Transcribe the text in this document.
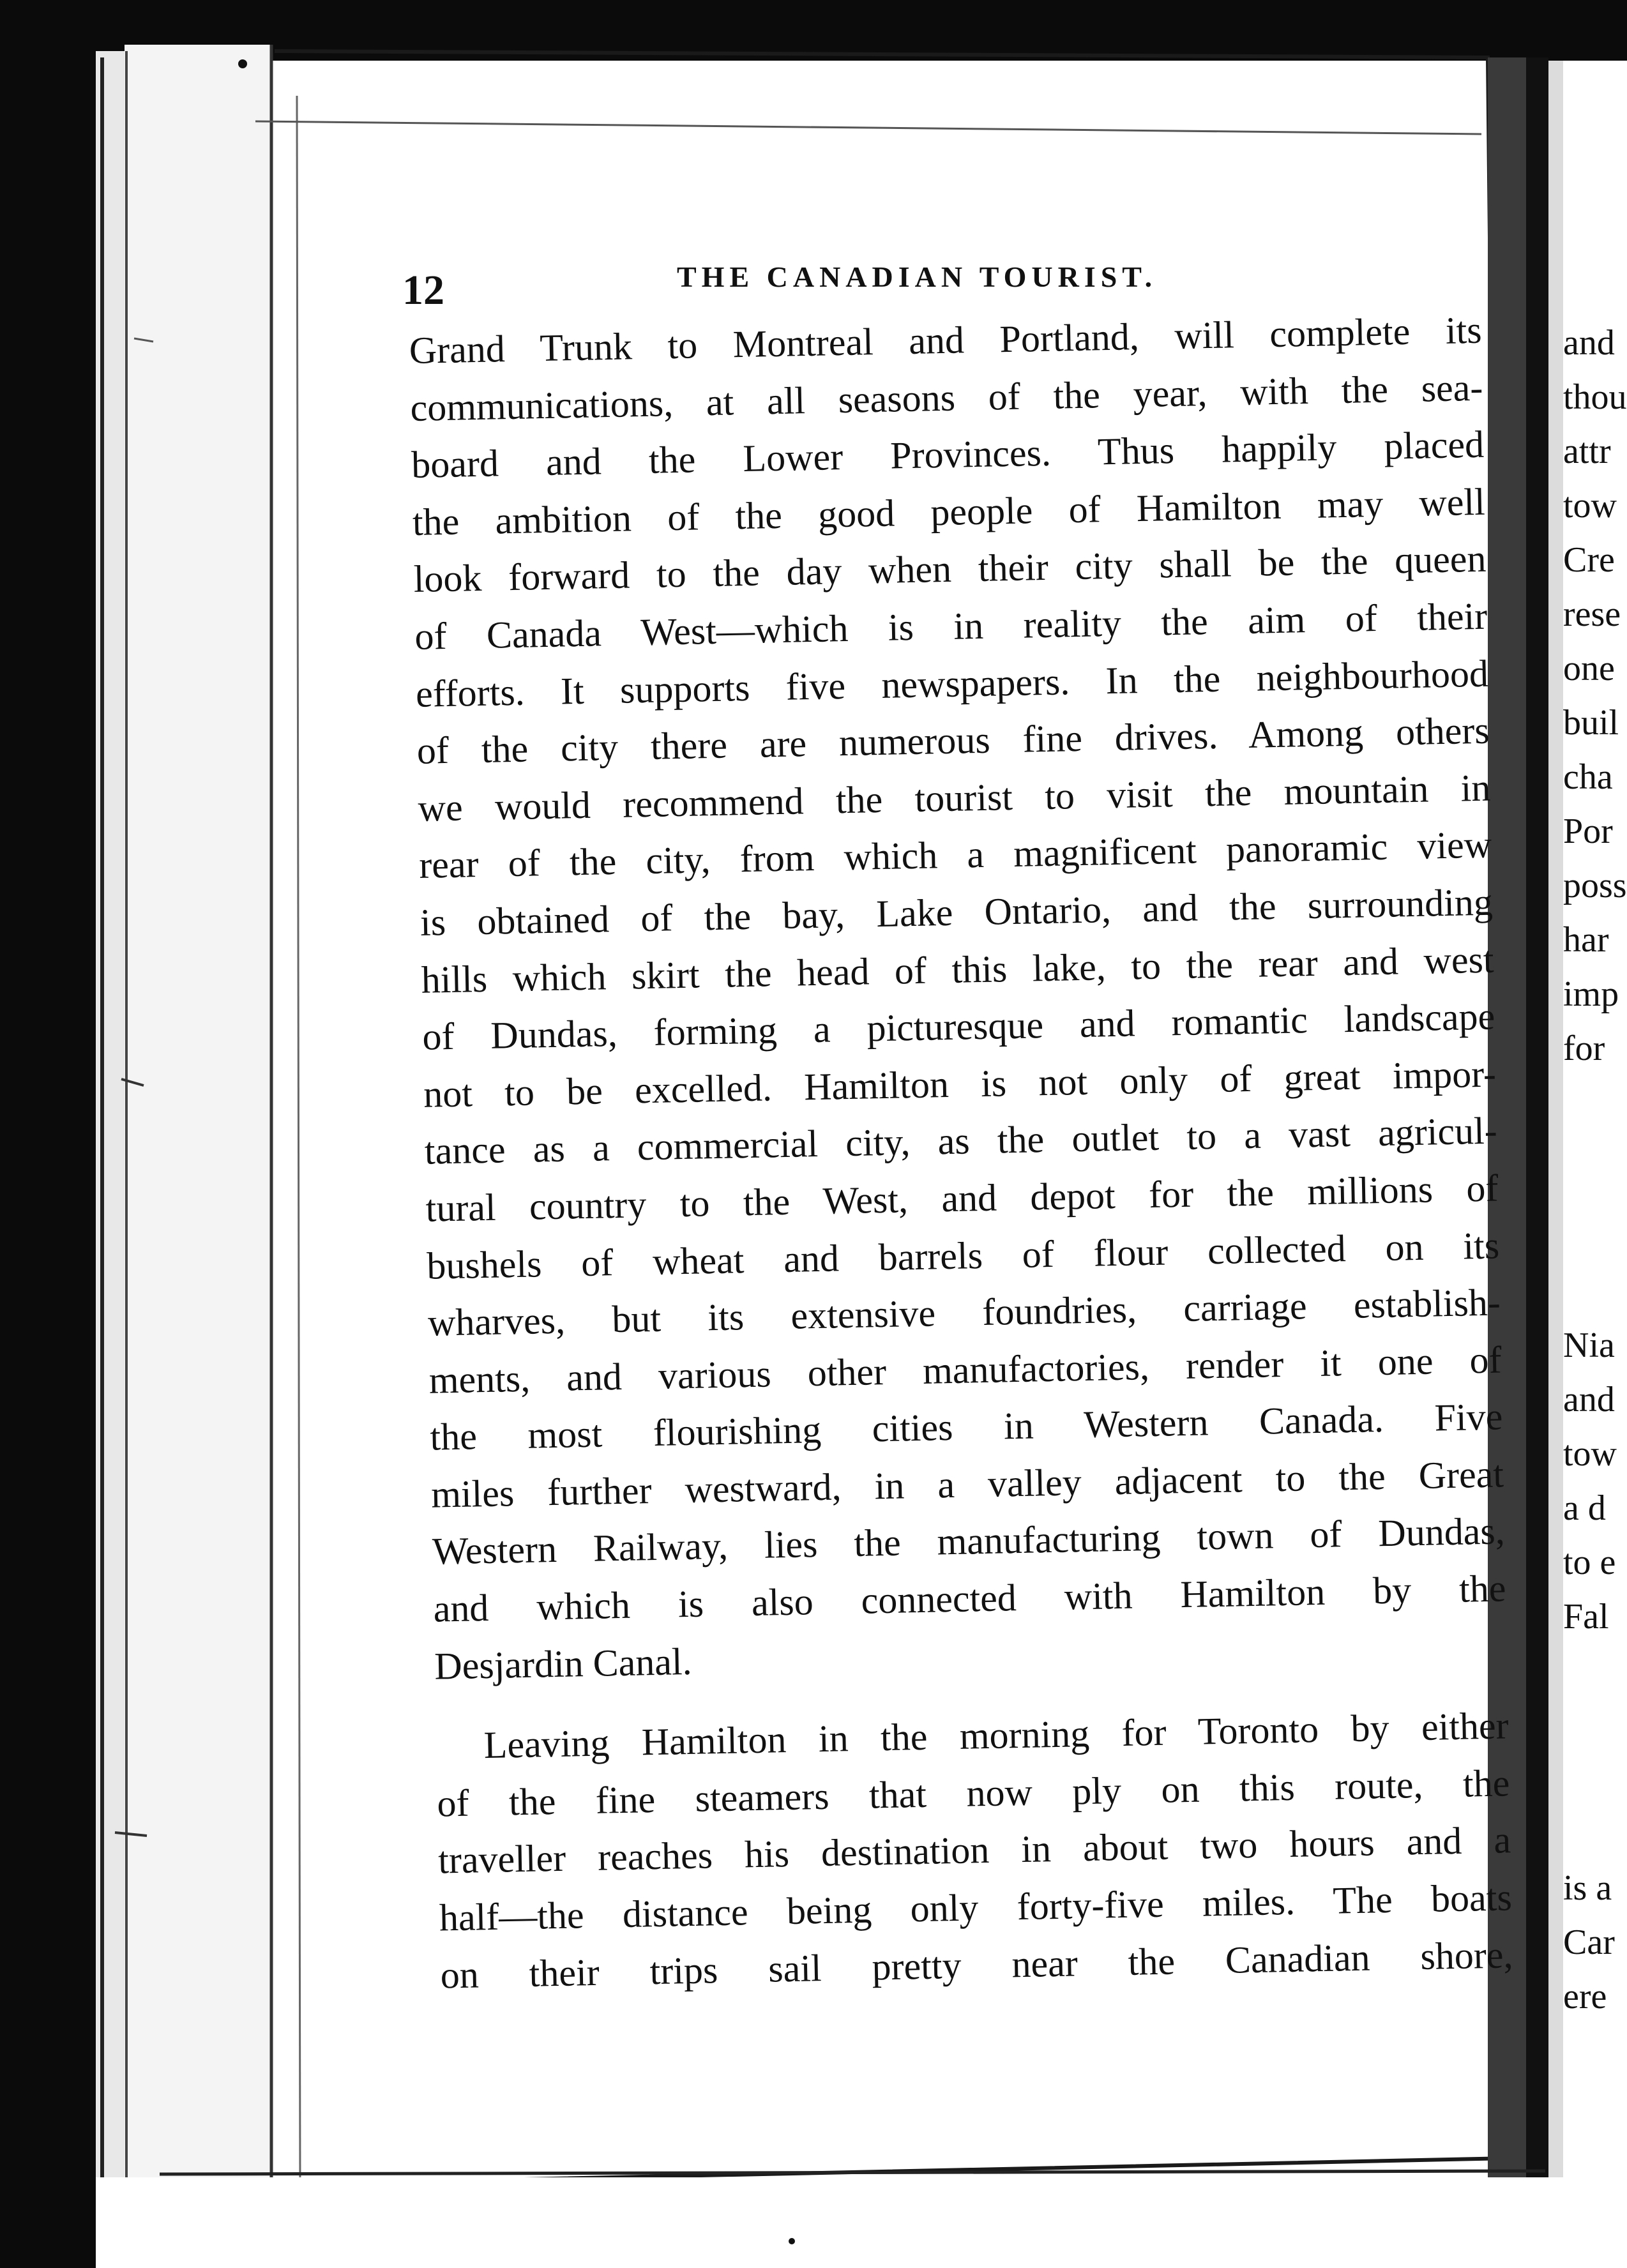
12	THE CANADIAN TOURIST.
Grand Trunk to Montreal and Portland, will complete its
communications, at all seasons of the year, with the sea-
board and the Lower Provinces. Thus happily placed
the ambition of the good people of Hamilton may well
look forward to the day when their city shall be the queen
of Canada West—which is in reality the aim of their
efforts. It supports five newspapers. In the neighbourhood
of the city there are numerous fine drives. Among others
we would recommend the tourist to visit the mountain in
rear of the city, from which a magnificent panoramic view
is obtained of the bay, Lake Ontario, and the surrounding
hills which skirt the head of this lake, to the rear and west
of Dundas, forming a picturesque and romantic landscape
not to be excelled. Hamilton is not only of great impor-
tance as a commercial city, as the outlet to a vast agricul-
tural country to the West, and depot for the millions of
bushels of wheat and barrels of flour collected on its
wharves, but its extensive foundries, carriage establish-
ments, and various other manufactories, render it one of
the most flourishing cities in Western Canada. Five
miles further westward, in a valley adjacent to the Great
Western Railway, lies the manufacturing town of Dundas,
and which is also connected with Hamilton by the
Desjardin Canal.
Leaving Hamilton in the morning for Toronto by either
of the fine steamers that now ply on this route, the
traveller reaches his destination in about two hours and a
half—the distance being only forty-five miles. The boats
on their trips sail pretty near the Canadian shore,
and
thou
attr
tow
Cre
rese
one
buil
cha
Por
poss
har
imp
for
Nia
and
tow
a d
to e
Fal
is a
Car
ere
